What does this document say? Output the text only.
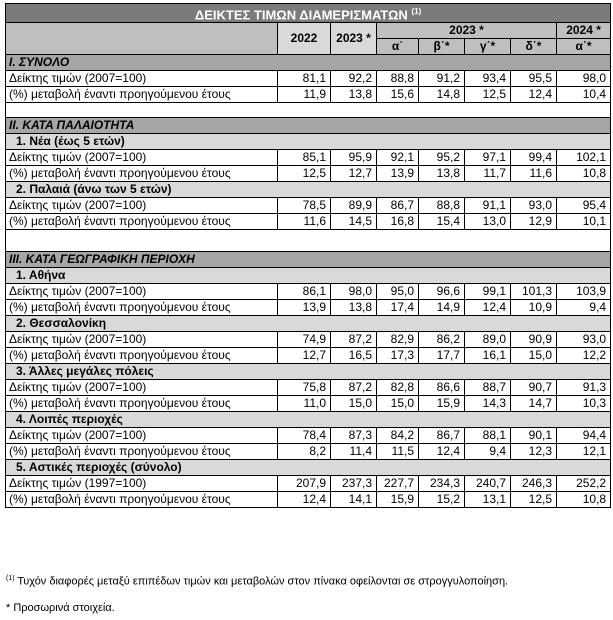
ΔΕΙΚΤΕΣ ΤΙΜΩΝ ΔΙΑΜΕΡΙΣΜΑΤΩΝ $^{(1)}$
	2022	2023 *	2023 *				2024 *
			α΄	β΄*	γ΄*	δ΄*	α΄*
I. ΣΥΝΟΛΟ							
Δείκτης τιμών (2007=100)	81,1	92,2	88,8	91,2	93,4	95,5	98,0
(%) μεταβολή έναντι προηγούμενου έτους	11,9	13,8	15,6	14,8	12,5	12,4	10,4

II. ΚΑΤΑ ΠΑΛΑΙΟΤΗΤΑ							
1. Νέα (έως 5 ετών)							
Δείκτης τιμών (2007=100)	85,1	95,9	92,1	95,2	97,1	99,4	102,1
(%) μεταβολή έναντι προηγούμενου έτους	12,5	12,7	13,9	13,8	11,7	11,6	10,8
2. Παλαιά (άνω των 5 ετών)							
Δείκτης τιμών (2007=100)	78,5	89,9	86,7	88,8	91,1	93,0	95,4
(%) μεταβολή έναντι προηγούμενου έτους	11,6	14,5	16,8	15,4	13,0	12,9	10,1

III. ΚΑΤΑ ΓΕΩΓΡΑΦΙΚΗ ΠΕΡΙΟΧΗ							
1. Αθήνα							
Δείκτης τιμών (2007=100)	86,1	98,0	95,0	96,6	99,1	101,3	103,9
(%) μεταβολή έναντι προηγούμενου έτους	13,9	13,8	17,4	14,9	12,4	10,9	9,4
2. Θεσσαλονίκη							
Δείκτης τιμών (2007=100)	74,9	87,2	82,9	86,2	89,0	90,9	93,0
(%) μεταβολή έναντι προηγούμενου έτους	12,7	16,5	17,3	17,7	16,1	15,0	12,2
3. Άλλες μεγάλες πόλεις							
Δείκτης τιμών (2007=100)	75,8	87,2	82,8	86,6	88,7	90,7	91,3
(%) μεταβολή έναντι προηγούμενου έτους	11,0	15,0	15,0	15,9	14,3	14,7	10,3
4. Λοιπές περιοχές							
Δείκτης τιμών (2007=100)	78,4	87,3	84,2	86,7	88,1	90,1	94,4
(%) μεταβολή έναντι προηγούμενου έτους	8,2	11,4	11,5	12,4	9,4	12,3	12,1
5. Αστικές περιοχές (σύνολο)							
Δείκτης τιμών (1997=100)	207,9	237,3	227,7	234,3	240,7	246,3	252,2
(%) μεταβολή έναντι προηγούμενου έτους	12,4	14,1	15,9	15,2	13,1	12,5	10,8
$^{(1)}$ Τυχόν διαφορές μεταξύ επιπέδων τιμών και μεταβολών στον πίνακα οφείλονται σε στρογγυλοποίηση.
* Προσωρινά στοιχεία.
